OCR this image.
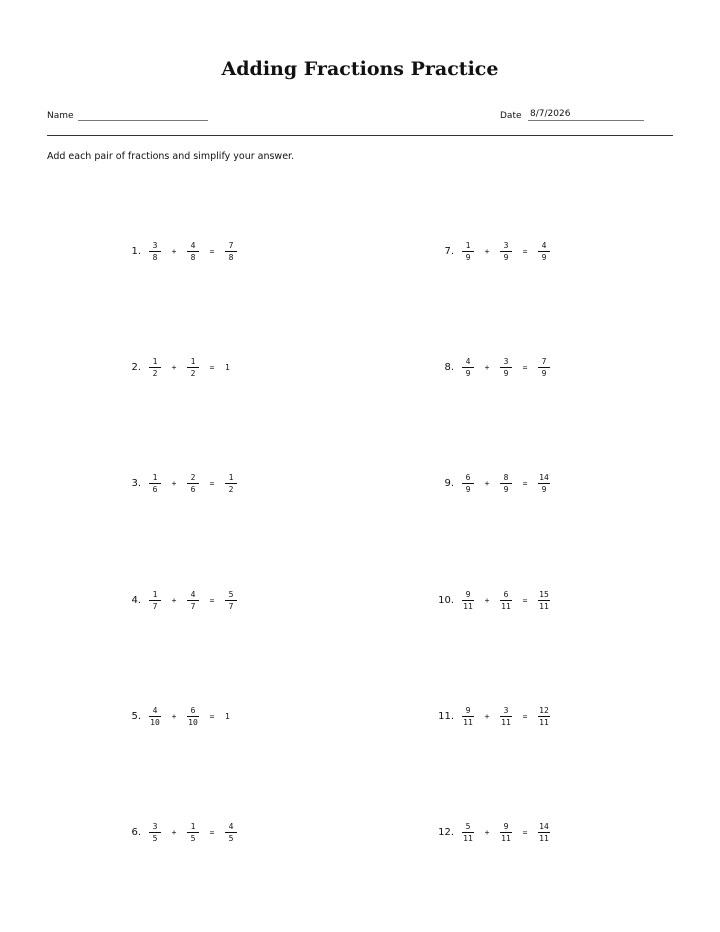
Adding Fractions Practice
Name	Date 8/7/2026

Add each pair of fractions and simplify your answer.

1. $\frac{3}{8}$	+	$\frac{4}{8}$	=	$\frac{7}{8}$
2. $\frac{1}{2}$	+	$\frac{1}{2}$	=	1
3. $\frac{1}{6}$	+	$\frac{2}{6}$	=	$\frac{1}{2}$
4. $\frac{1}{7}$	+	$\frac{4}{7}$	=	$\frac{5}{7}$
5. $\frac{4}{10}$	+	$\frac{6}{10}$	=	1
6. $\frac{3}{5}$	+	$\frac{1}{5}$	=	$\frac{4}{5}$
7. $\frac{1}{9}$	+	$\frac{3}{9}$	=	$\frac{4}{9}$
8. $\frac{4}{9}$	+	$\frac{3}{9}$	=	$\frac{7}{9}$
9. $\frac{6}{9}$	+	$\frac{8}{9}$	=	$\frac{14}{9}$
10. $\frac{9}{11}$	+	$\frac{6}{11}$	=	$\frac{15}{11}$
11. $\frac{9}{11}$	+	$\frac{3}{11}$	=	$\frac{12}{11}$
12. $\frac{5}{11}$	+	$\frac{9}{11}$	=	$\frac{14}{11}$
